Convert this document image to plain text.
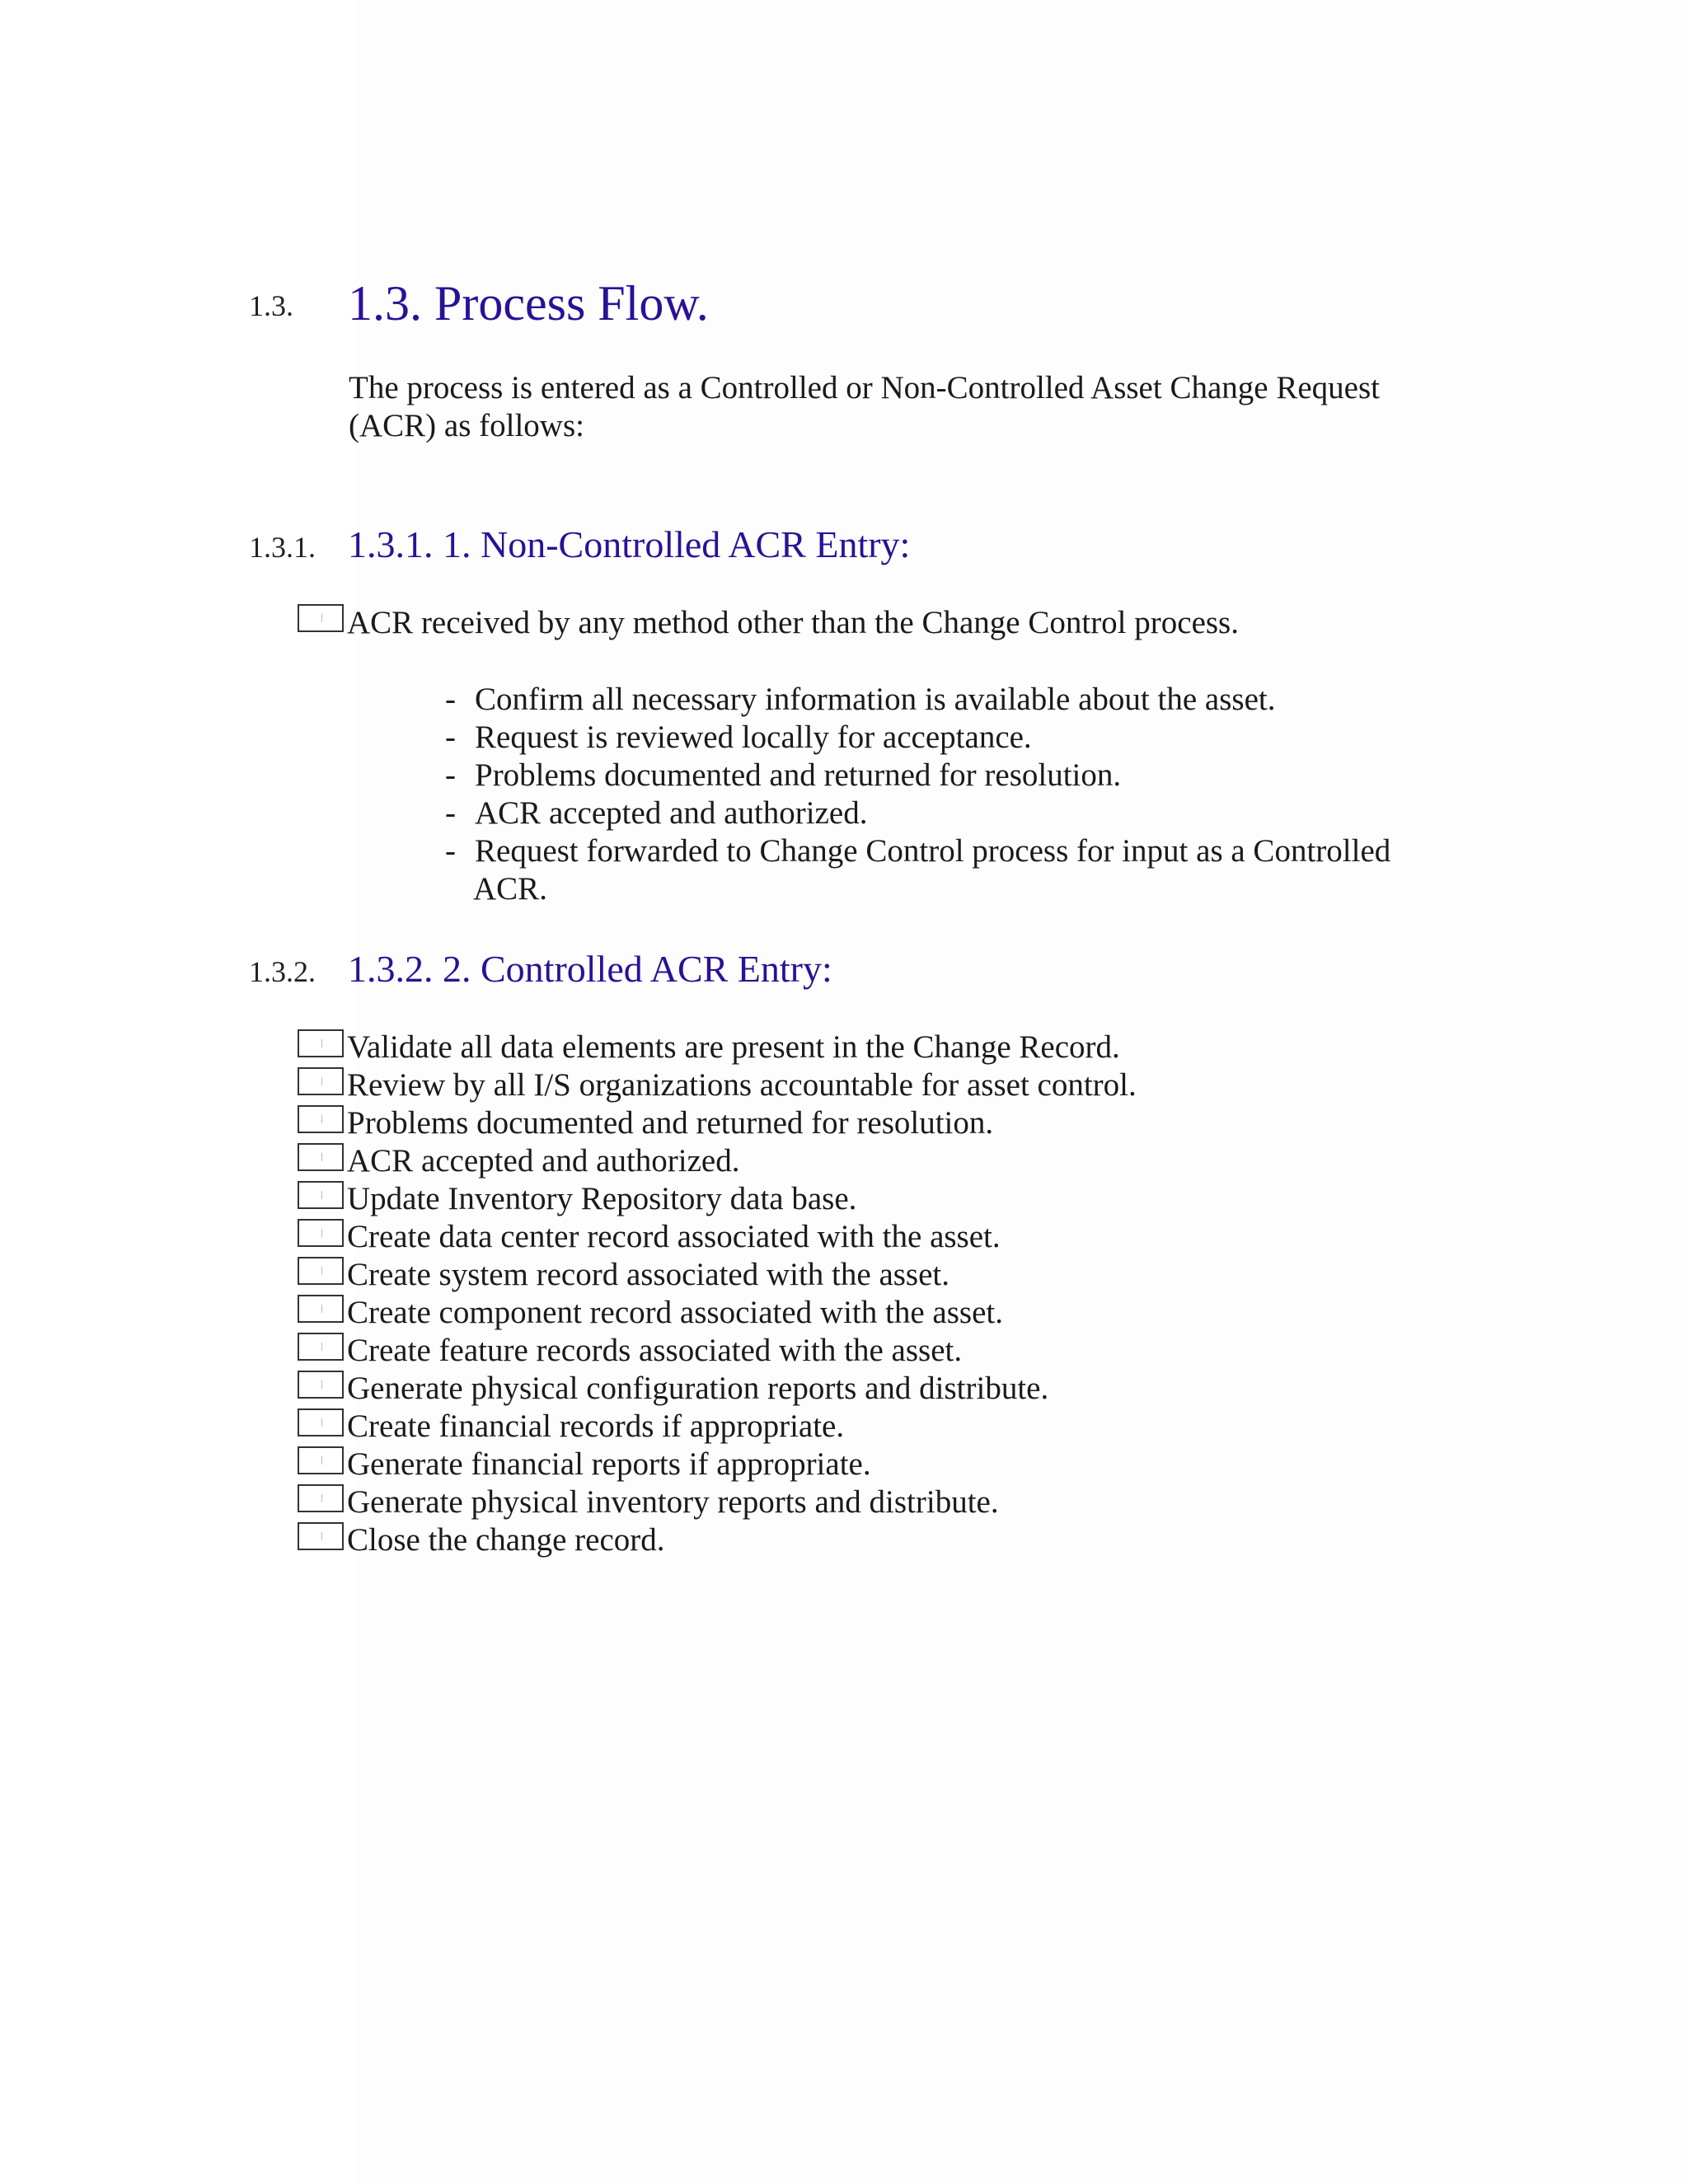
1.3. 1.3. Process Flow.
The process is entered as a Controlled or Non-Controlled Asset Change Request (ACR) as follows:
1.3.1. 1.3.1. 1. Non-Controlled ACR Entry:
ACR received by any method other than the Change Control process.
- Confirm all necessary information is available about the asset.
- Request is reviewed locally for acceptance.
- Problems documented and returned for resolution.
- ACR accepted and authorized.
- Request forwarded to Change Control process for input as a Controlled
ACR.
1.3.2. 1.3.2. 2. Controlled ACR Entry:
Validate all data elements are present in the Change Record.
Review by all I/S organizations accountable for asset control.
Problems documented and returned for resolution.
ACR accepted and authorized.
Update Inventory Repository data base.
Create data center record associated with the asset.
Create system record associated with the asset.
Create component record associated with the asset.
Create feature records associated with the asset.
Generate physical configuration reports and distribute.
Create financial records if appropriate.
Generate financial reports if appropriate.
Generate physical inventory reports and distribute.
Close the change record.
